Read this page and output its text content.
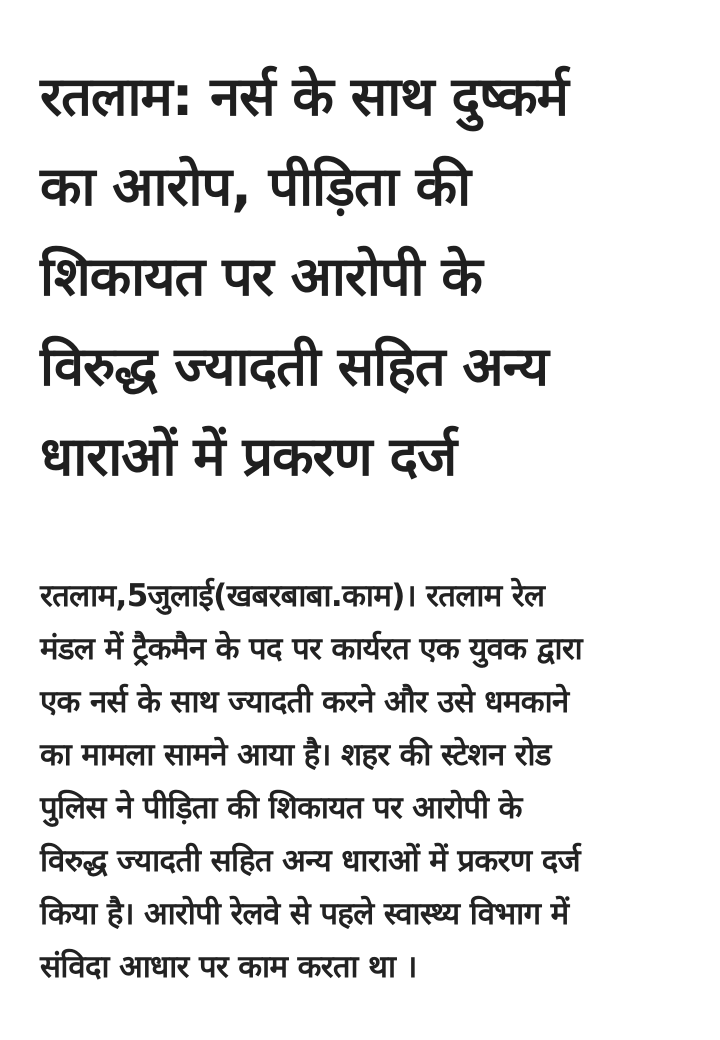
रतलाम: नर्स के साथ दुष्कर्म
का आरोप, पीड़िता की
शिकायत पर आरोपी के
विरुद्ध ज्यादती सहित अन्य
धाराओं में प्रकरण दर्ज

रतलाम,5जुलाई(खबरबाबा.काम)। रतलाम रेल
मंडल में ट्रैकमैन के पद पर कार्यरत एक युवक द्वारा
एक नर्स के साथ ज्यादती करने और उसे धमकाने
का मामला सामने आया है। शहर की स्टेशन रोड
पुलिस ने पीड़िता की शिकायत पर आरोपी के
विरुद्ध ज्यादती सहित अन्य धाराओं में प्रकरण दर्ज
किया है। आरोपी रेलवे से पहले स्वास्थ्य विभाग में
संविदा आधार पर काम करता था ।
